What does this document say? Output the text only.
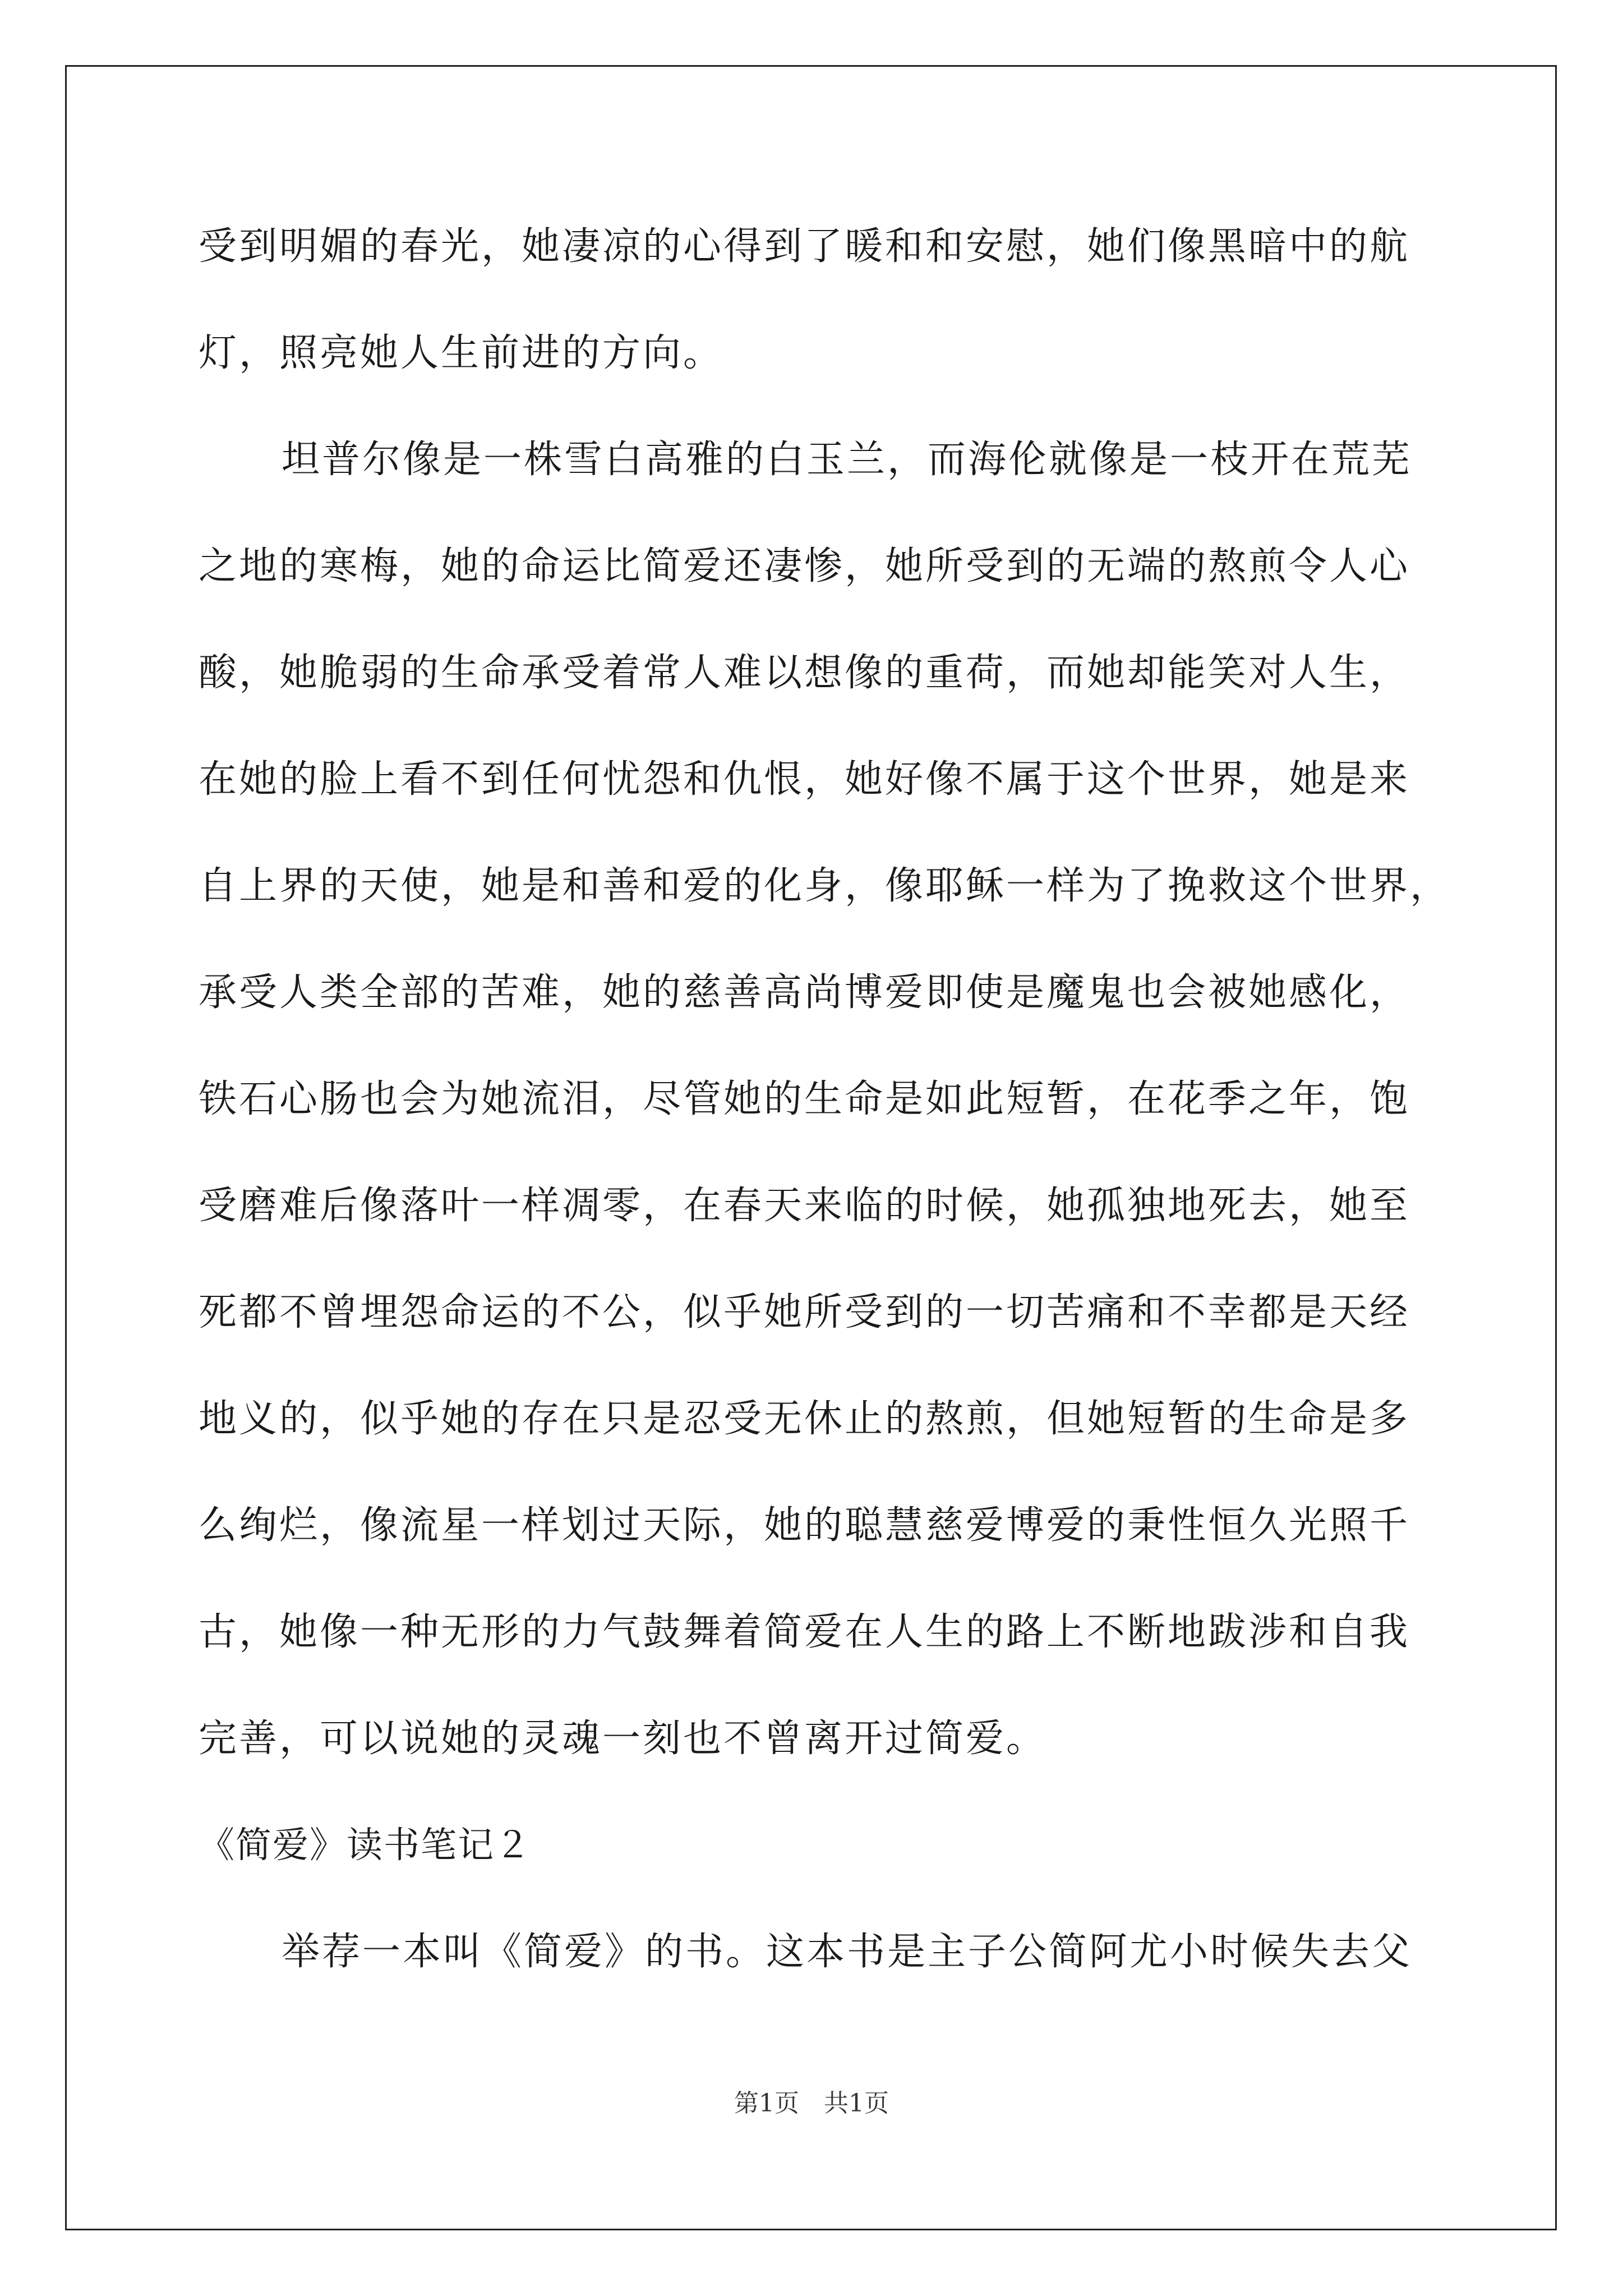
受到明媚的春光，她凄凉的心得到了暖和和安慰，她们像黑暗中的航
灯，照亮她人生前进的方向。
坦普尔像是一株雪白高雅的白玉兰，而海伦就像是一枝开在荒芜
之地的寒梅，她的命运比简爱还凄惨，她所受到的无端的熬煎令人心
酸，她脆弱的生命承受着常人难以想像的重荷，而她却能笑对人生，
在她的脸上看不到任何忧怨和仇恨，她好像不属于这个世界，她是来
自上界的天使，她是和善和爱的化身，像耶稣一样为了挽救这个世界，
承受人类全部的苦难，她的慈善高尚博爱即使是魔鬼也会被她感化，
铁石心肠也会为她流泪，尽管她的生命是如此短暂，在花季之年，饱
受磨难后像落叶一样凋零，在春天来临的时候，她孤独地死去，她至
死都不曾埋怨命运的不公，似乎她所受到的一切苦痛和不幸都是天经
地义的，似乎她的存在只是忍受无休止的熬煎，但她短暂的生命是多
么绚烂，像流星一样划过天际，她的聪慧慈爱博爱的秉性恒久光照千
古，她像一种无形的力气鼓舞着简爱在人生的路上不断地跋涉和自我
完善，可以说她的灵魂一刻也不曾离开过简爱。
《简爱》读书笔记２
举荐一本叫《简爱》的书。这本书是主子公简阿尤小时候失去父
第1页　共1页
